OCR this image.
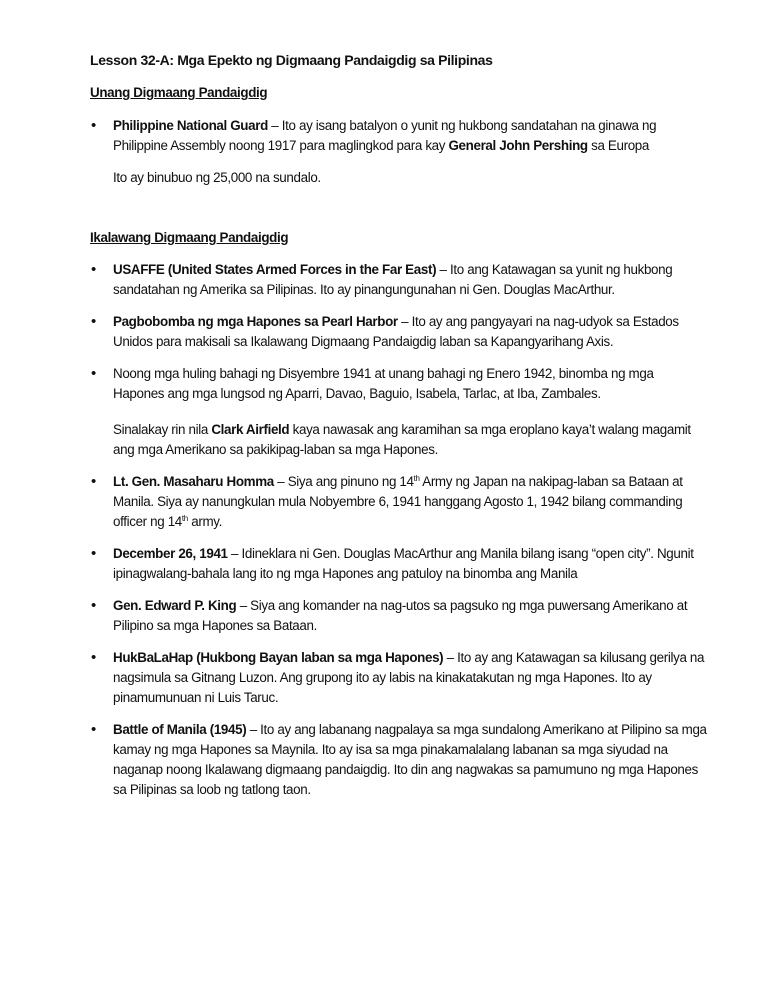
Lesson 32-A: Mga Epekto ng Digmaang Pandaigdig sa Pilipinas

Unang Digmaang Pandaigdig

• Philippine National Guard – Ito ay isang batalyon o yunit ng hukbong sandatahan na ginawa ng Philippine Assembly noong 1917 para maglingkod para kay General John Pershing sa Europa

Ito ay binubuo ng 25,000 na sundalo.

Ikalawang Digmaang Pandaigdig

• USAFFE (United States Armed Forces in the Far East) – Ito ang Katawagan sa yunit ng hukbong sandatahan ng Amerika sa Pilipinas. Ito ay pinangungunahan ni Gen. Douglas MacArthur.

• Pagbobomba ng mga Hapones sa Pearl Harbor – Ito ay ang pangyayari na nag-udyok sa Estados Unidos para makisali sa Ikalawang Digmaang Pandaigdig laban sa Kapangyarihang Axis.

• Noong mga huling bahagi ng Disyembre 1941 at unang bahagi ng Enero 1942, binomba ng mga Hapones ang mga lungsod ng Aparri, Davao, Baguio, Isabela, Tarlac, at Iba, Zambales.

Sinalakay rin nila Clark Airfield kaya nawasak ang karamihan sa mga eroplano kaya’t walang magamit ang mga Amerikano sa pakikipag-laban sa mga Hapones.

• Lt. Gen. Masaharu Homma – Siya ang pinuno ng 14th Army ng Japan na nakipag-laban sa Bataan at Manila. Siya ay nanungkulan mula Nobyembre 6, 1941 hanggang Agosto 1, 1942 bilang commanding officer ng 14th army.

• December 26, 1941 – Idineklara ni Gen. Douglas MacArthur ang Manila bilang isang “open city”. Ngunit ipinagwalang-bahala lang ito ng mga Hapones ang patuloy na binomba ang Manila

• Gen. Edward P. King – Siya ang komander na nag-utos sa pagsuko ng mga puwersang Amerikano at Pilipino sa mga Hapones sa Bataan.

• HukBaLaHap (Hukbong Bayan laban sa mga Hapones) – Ito ay ang Katawagan sa kilusang gerilya na nagsimula sa Gitnang Luzon. Ang grupong ito ay labis na kinakatakutan ng mga Hapones. Ito ay pinamumunuan ni Luis Taruc.

• Battle of Manila (1945) – Ito ay ang labanang nagpalaya sa mga sundalong Amerikano at Pilipino sa mga kamay ng mga Hapones sa Maynila. Ito ay isa sa mga pinakamalalang labanan sa mga siyudad na naganap noong Ikalawang digmaang pandaigdig. Ito din ang nagwakas sa pamumuno ng mga Hapones sa Pilipinas sa loob ng tatlong taon.
